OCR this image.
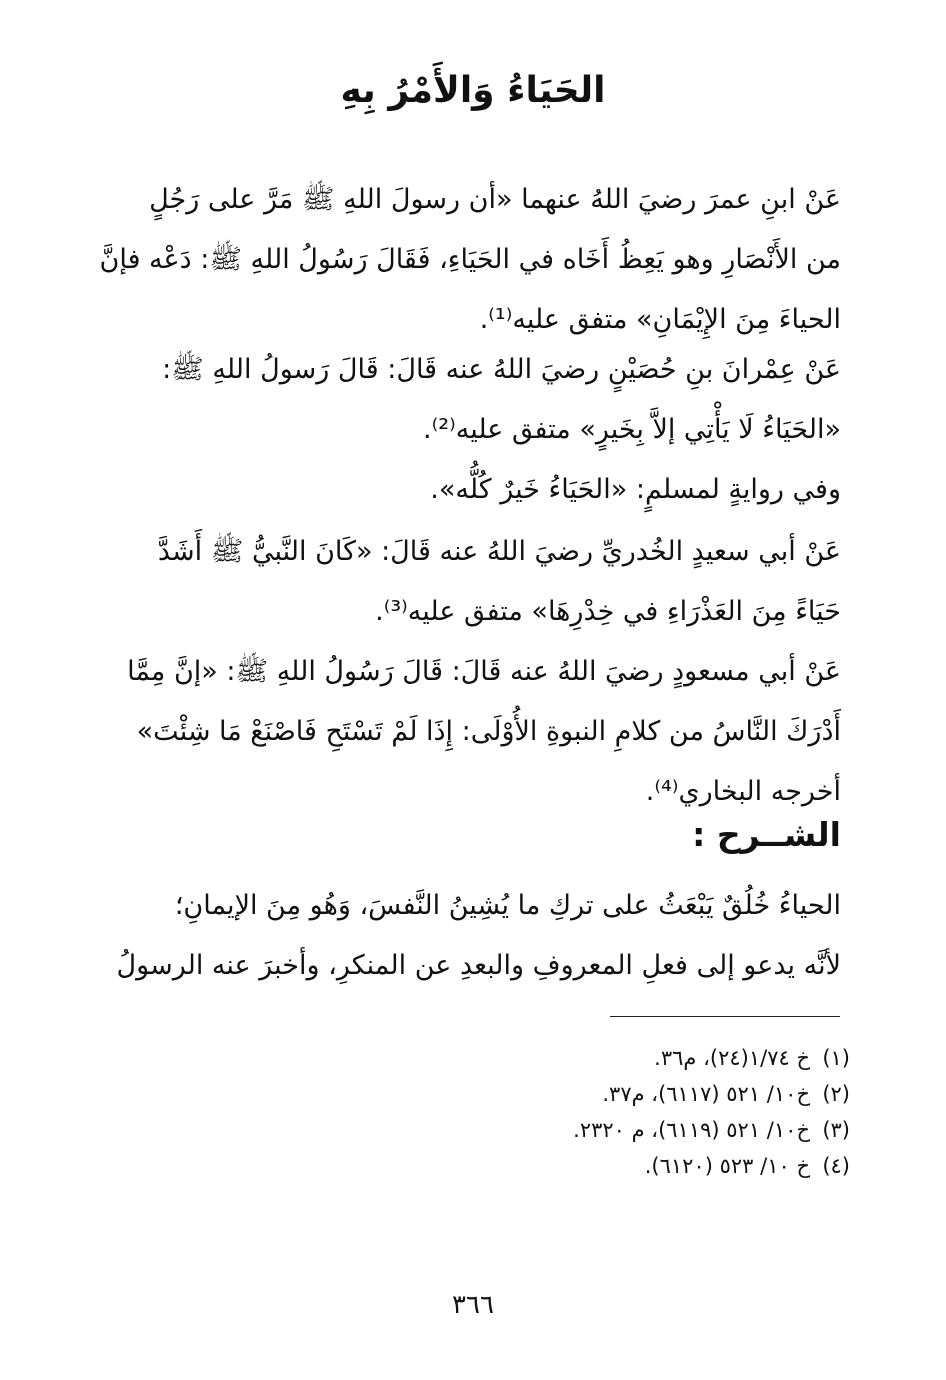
الحَيَاءُ وَالأَمْرُ بِهِ
عَنْ ابنِ عمرَ رضيَ اللهُ عنهما «أن رسولَ اللهِ ﷺ مَرَّ على رَجُلٍ
من الأَنْصَارِ وهو يَعِظُ أَخَاه في الحَيَاءِ، فَقَالَ رَسُولُ اللهِ ﷺ: دَعْه فإنَّ
الحياءَ مِنَ الإِيْمَانِ» متفق عليه⁽¹⁾.
عَنْ عِمْرانَ بنِ حُصَيْنٍ رضيَ اللهُ عنه قَالَ: قَالَ رَسولُ اللهِ ﷺ:
«الحَيَاءُ لَا يَأْتِي إلاَّ بِخَيرٍ» متفق عليه⁽²⁾.
وفي روايةٍ لمسلمٍ: «الحَيَاءُ خَيرٌ كُلُّه».
عَنْ أبي سعيدٍ الخُدريِّ رضيَ اللهُ عنه قَالَ: «كَانَ النَّبيُّ ﷺ أَشَدَّ
حَيَاءً مِنَ العَذْرَاءِ في خِدْرِهَا» متفق عليه⁽³⁾.
عَنْ أبي مسعودٍ رضيَ اللهُ عنه قَالَ: قَالَ رَسُولُ اللهِ ﷺ: «إنَّ مِمَّا
أَدْرَكَ النَّاسُ من كلامِ النبوةِ الأُوْلَى: إِذَا لَمْ تَسْتَحِ فَاصْنَعْ مَا شِئْتَ»
أخرجه البخاري⁽⁴⁾.
الشــرح :
الحياءُ خُلُقٌ يَبْعَثُ على تركِ ما يُشِينُ النَّفسَ، وَهُو مِنَ الإيمانِ؛
لأنَّه يدعو إلى فعلِ المعروفِ والبعدِ عن المنكرِ، وأخبرَ عنه الرسولُ
(١)خ ١/٧٤(٢٤)، م٣٦.
(٢)خ١٠/ ٥٢١ (٦١١٧)، م٣٧.
(٣)خ١٠/ ٥٢١ (٦١١٩)، م ٢٣٢٠.
(٤)خ ١٠/ ٥٢٣ (٦١٢٠).
٣٦٦
